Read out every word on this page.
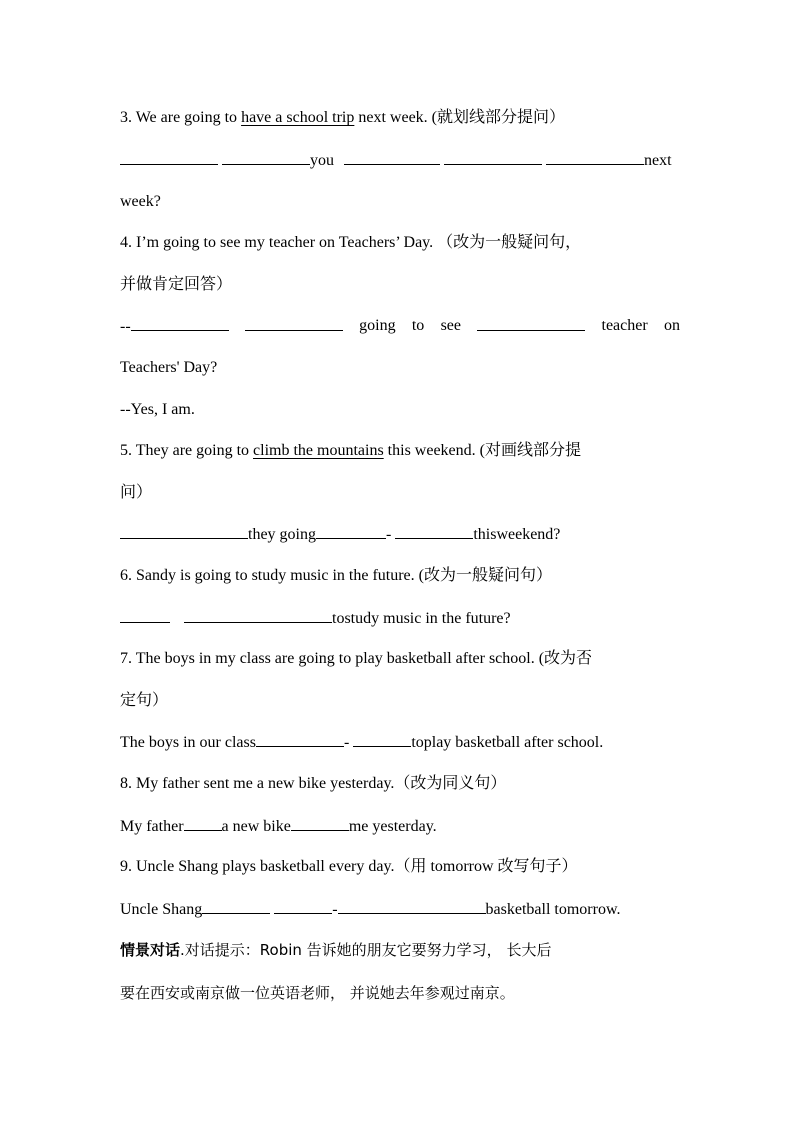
3. We are going to have a school trip next week. (就划线部分提问）
you	next
week?
4. I’m going to see my teacher on Teachers’ Day. （改为一般疑问句，
并做肯定回答）
--	going to see	teacher on
Teachers' Day?
--Yes, I am.
5. They are going to climb the mountains this weekend. (对画线部分提
问）
they going	-	thisweekend?
6. Sandy is going to study music in the future. (改为一般疑问句）
tostudy music in the future?
7. The boys in my class are going to play basketball after school. (改为否
定句）
The boys in our class	-	toplay basketball after school.
8. My father sent me a new bike yesterday.（改为同义句）
My father a new bike	me yesterday.
9. Uncle Shang plays basketball every day.（用 tomorrow 改写句子）
Uncle Shang	-	basketball tomorrow.
情景对话.对话提示：Robin 告诉她的朋友它要努力学习， 长大后
要在西安或南京做一位英语老师， 并说她去年参观过南京。
